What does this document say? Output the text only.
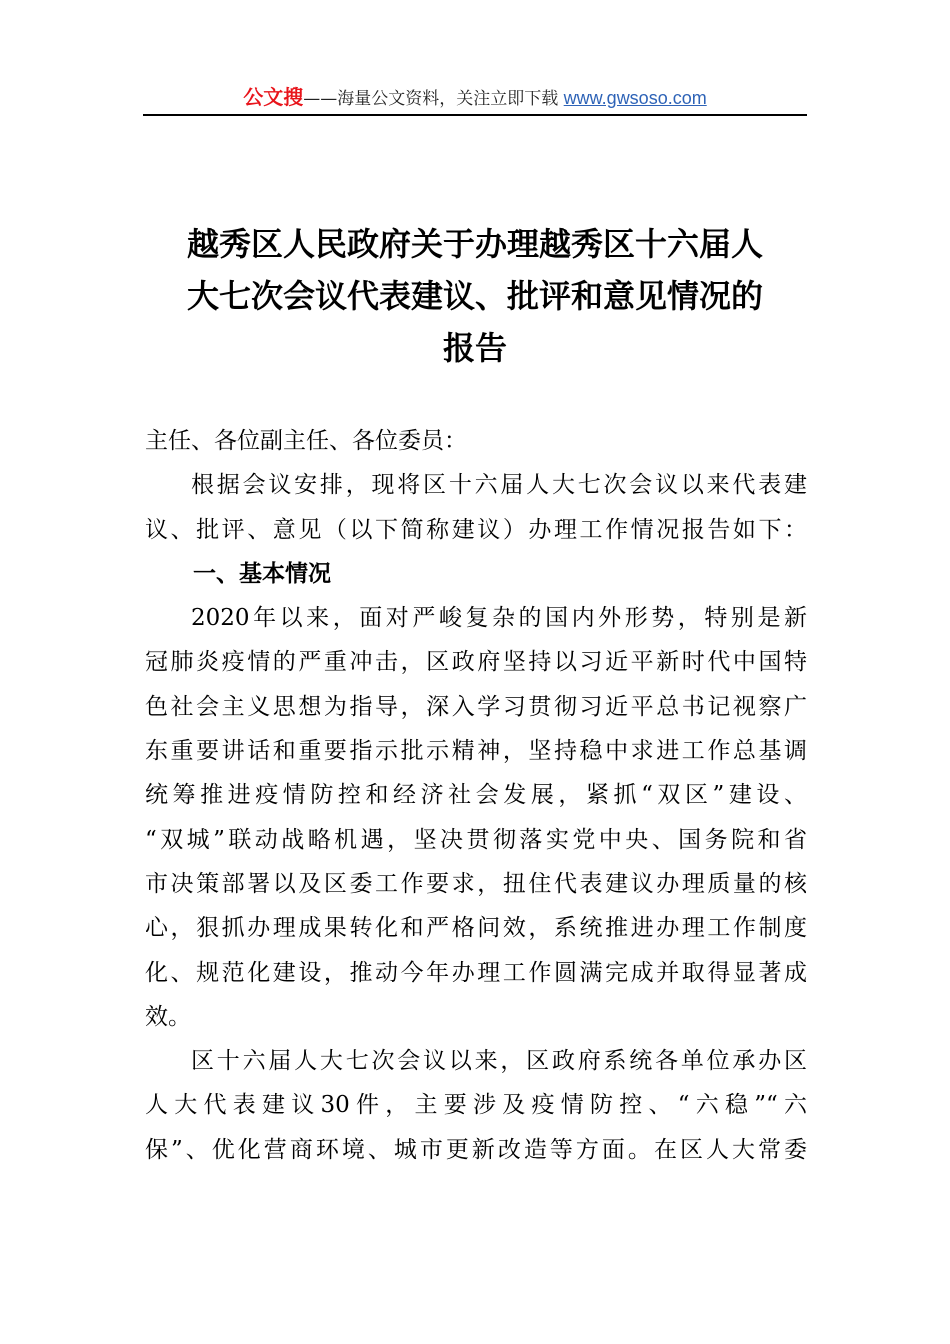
公文搜——海量公文资料，关注立即下载 www.gwsoso.com
越秀区人民政府关于办理越秀区十六届人
大七次会议代表建议、批评和意见情况的
报告
主任、各位副主任、各位委员：
根据会议安排，现将区十六届人大七次会议以来代表建
议、批评、意见（以下简称建议）办理工作情况报告如下：
一、基本情况
2020年以来，面对严峻复杂的国内外形势，特别是新
冠肺炎疫情的严重冲击，区政府坚持以习近平新时代中国特
色社会主义思想为指导，深入学习贯彻习近平总书记视察广
东重要讲话和重要指示批示精神，坚持稳中求进工作总基调
统筹推进疫情防控和经济社会发展，紧抓“双区”建设、
“双城”联动战略机遇，坚决贯彻落实党中央、国务院和省
市决策部署以及区委工作要求，扭住代表建议办理质量的核
心，狠抓办理成果转化和严格问效，系统推进办理工作制度
化、规范化建设，推动今年办理工作圆满完成并取得显著成
效。
区十六届人大七次会议以来，区政府系统各单位承办区
人大代表建议30件，主要涉及疫情防控、“六稳”“六
保”、优化营商环境、城市更新改造等方面。在区人大常委
